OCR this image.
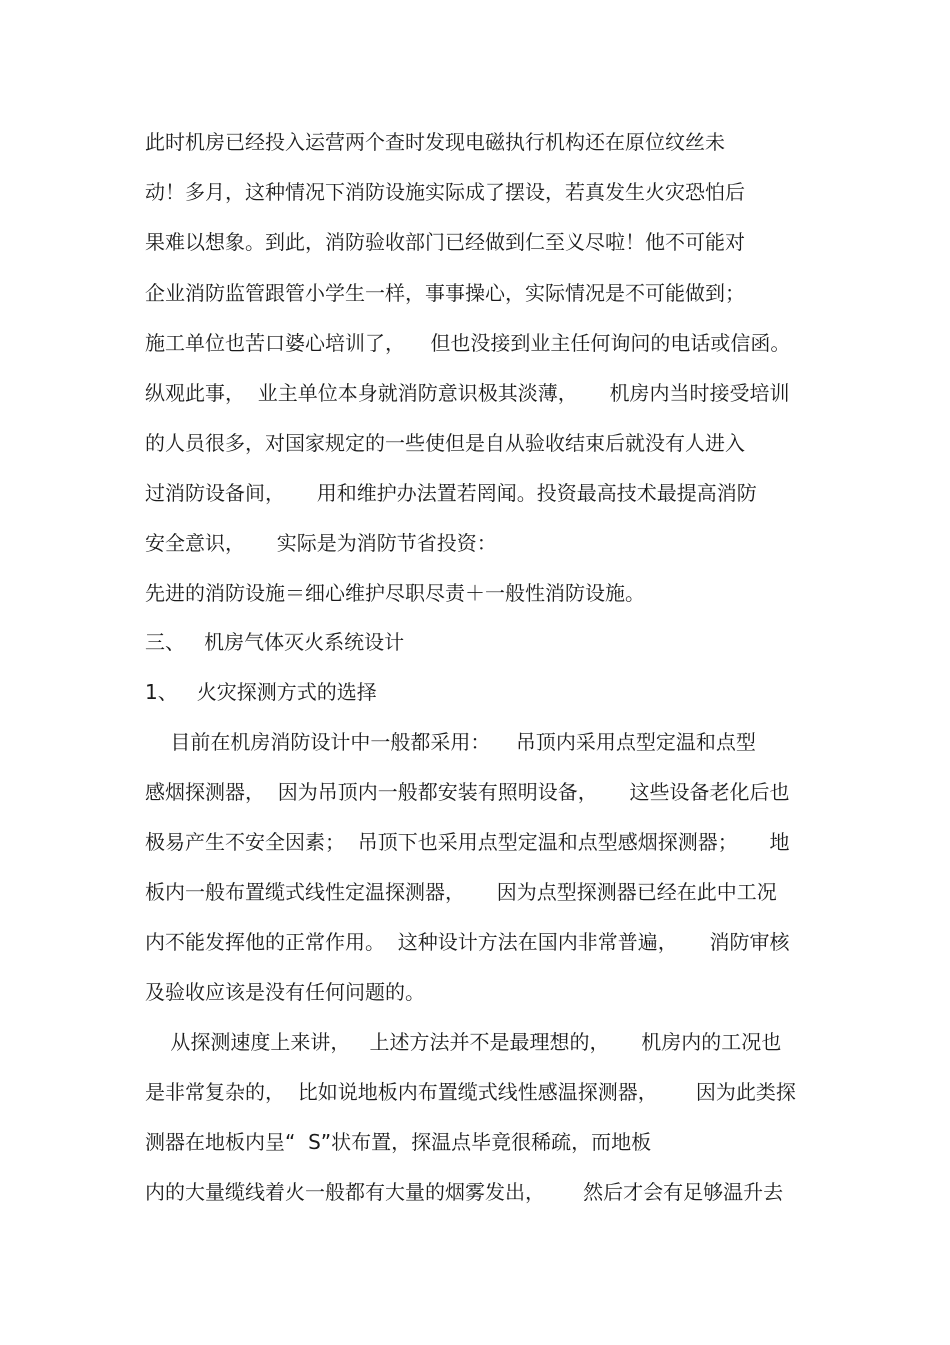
此时机房已经投入运营两个查时发现电磁执行机构还在原位纹丝未
动！多月，这种情况下消防设施实际成了摆设，若真发生火灾恐怕后
果难以想象。到此，消防验收部门已经做到仁至义尽啦！他不可能对
企业消防监管跟管小学生一样，事事操心，实际情况是不可能做到；
施工单位也苦口婆心培训了，    但也没接到业主任何询问的电话或信函。
纵观此事，  业主单位本身就消防意识极其淡薄，     机房内当时接受培训
的人员很多，对国家规定的一些使但是自从验收结束后就没有人进入
过消防设备间，     用和维护办法置若罔闻。投资最高技术最提高消防
安全意识，     实际是为消防节省投资：
先进的消防设施＝细心维护尽职尽责＋一般性消防设施。
三、   机房气体灭火系统设计
1、   火灾探测方式的选择
目前在机房消防设计中一般都采用：    吊顶内采用点型定温和点型
感烟探测器，  因为吊顶内一般都安装有照明设备，     这些设备老化后也
极易产生不安全因素；  吊顶下也采用点型定温和点型感烟探测器；     地
板内一般布置缆式线性定温探测器，     因为点型探测器已经在此中工况
内不能发挥他的正常作用。  这种设计方法在国内非常普遍，     消防审核
及验收应该是没有任何问题的。
从探测速度上来讲，   上述方法并不是最理想的，     机房内的工况也
是非常复杂的，  比如说地板内布置缆式线性感温探测器，      因为此类探
测器在地板内呈“  S”状布置，探温点毕竟很稀疏，而地板
内的大量缆线着火一般都有大量的烟雾发出，      然后才会有足够温升去
